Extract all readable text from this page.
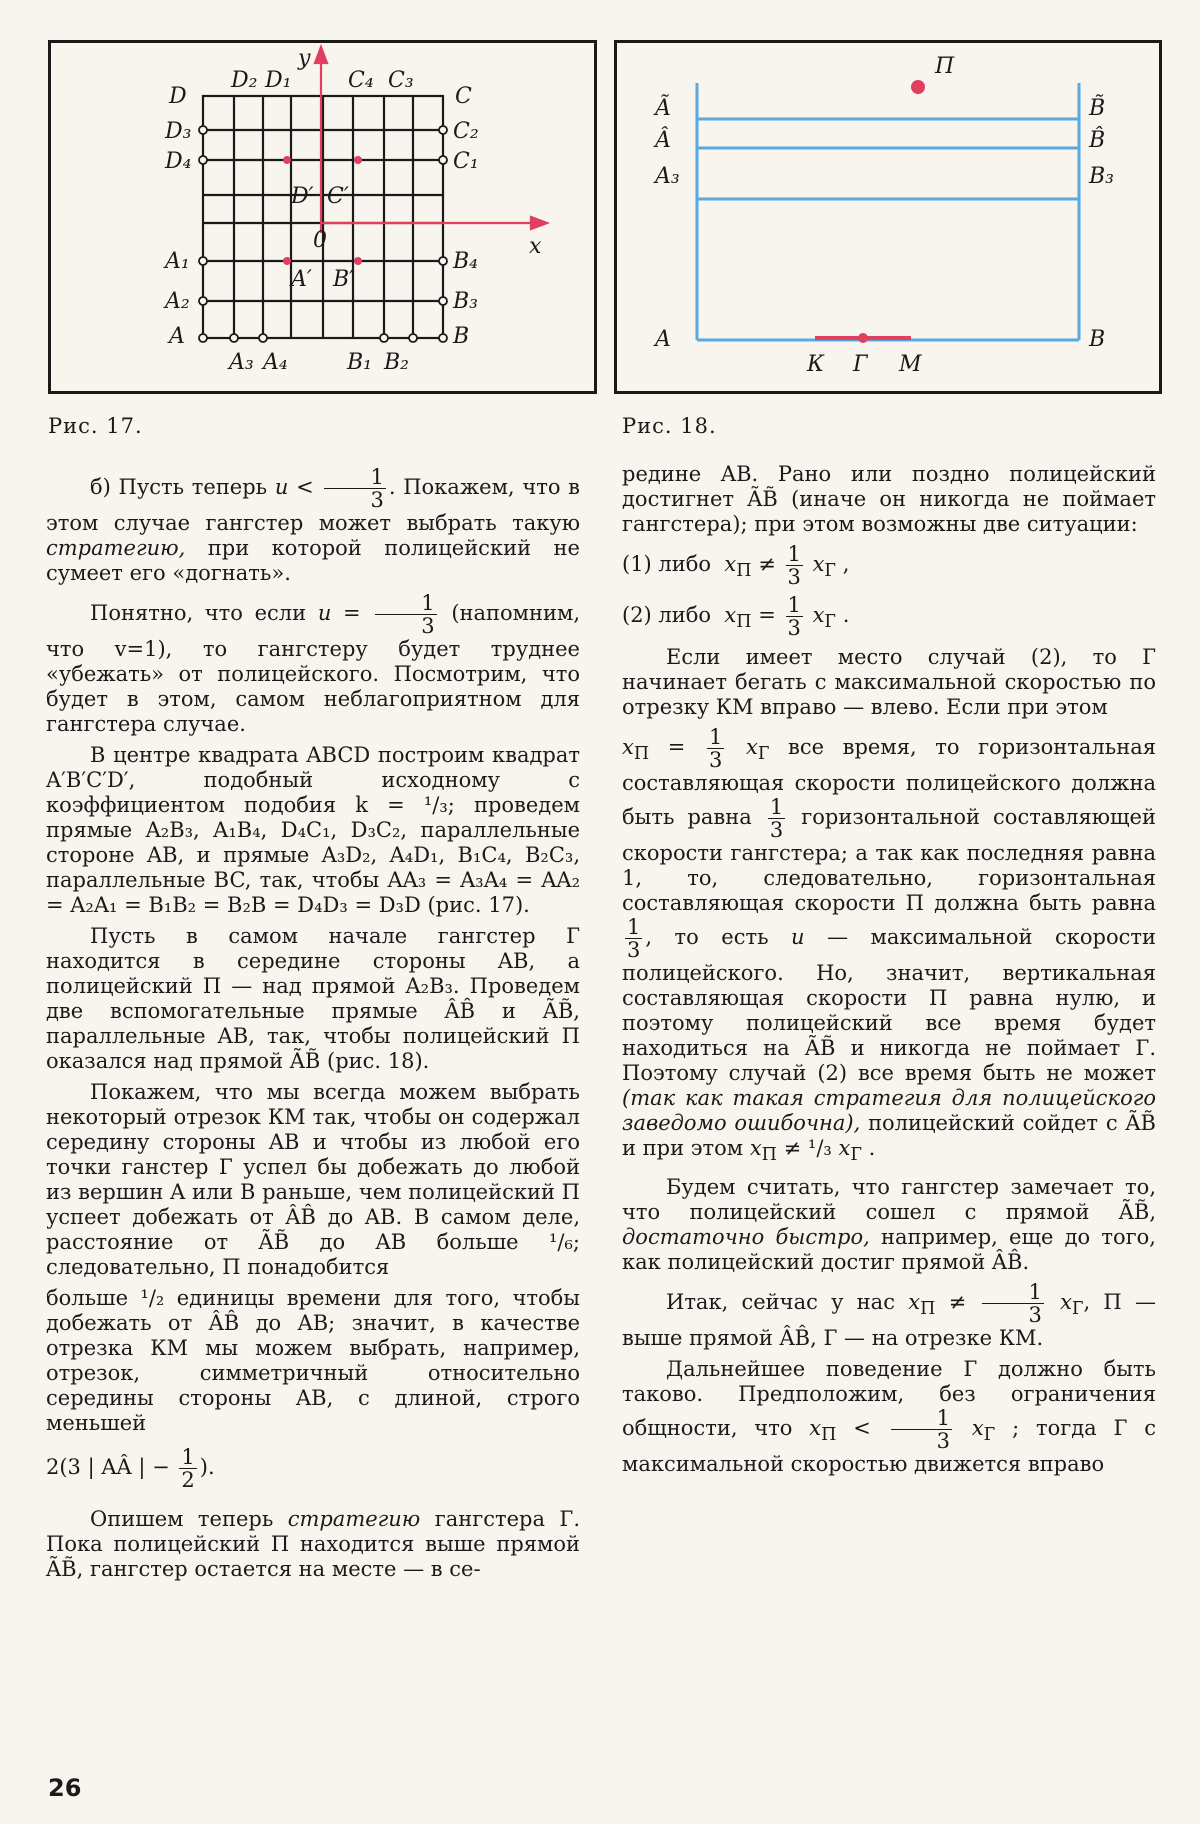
y
x
0
D	C
A	B
D₂ D₁	C₄ C₃
D₃
D₄
C₂
C₁
A₁
A₂
B₄
B₃
A₃ A₄	B₁ B₂
D′ C′
A′ B′
Рис. 17.
Ã
Â
A₃
A
B̃
B̂
B₃
B
П
К Г М
Рис. 18.

б) Пусть теперь $u < \frac{1}{3}$ . Покажем, что в этом случае гангстер может выбрать такую стратегию, при которой полицейский не сумеет его «догнать».

Понятно, что если $u = \frac{1}{3}$ (напомним, что v=1), то гангстеру будет труднее «убежать» от полицейского. Посмотрим, что будет в этом, самом неблагоприятном для гангстера случае.

В центре квадрата ABCD построим квадрат A′B′C′D′, подобный исходному с коэффициентом подобия k = ¹/₃; проведем прямые A₂B₃, A₁B₄, D₄C₁, D₃C₂, параллельные стороне AB, и прямые A₃D₂, A₄D₁, B₁C₄, B₂C₃, параллельные BC, так, чтобы AA₃ = A₃A₄ = AA₂ = A₂A₁ = B₁B₂ = B₂B = D₄D₃ = D₃D (рис. 17).

Пусть в самом начале гангстер Г находится в середине стороны AB, а полицейский П — над прямой A₂B₃. Проведем две вспомогательные прямые ÂB̂ и ÃB̃, параллельные AB, так, чтобы полицейский П оказался над прямой ÃB̃ (рис. 18).

Покажем, что мы всегда можем выбрать некоторый отрезок КМ так, чтобы он содержал середину стороны AB и чтобы из любой его точки ганстер Г успел бы добежать до любой из вершин A или B раньше, чем полицейский П успеет добежать от ÂB̂ до AB. В самом деле, расстояние от ÃB̃ до AB больше ¹/₆; следовательно, П понадобится

больше ¹/₂ единицы времени для того, чтобы добежать от ÂB̂ до AB; значит, в качестве отрезка КМ мы можем выбрать, например, отрезок, симметричный относительно середины стороны AB, с длиной, строго меньшей

2(3 | AÂ | − $\frac{1}{2}$ ).

Опишем теперь стратегию гангстера Г. Пока полицейский П находится выше прямой ÃB̃, гангстер остается на месте — в се-

редине AB. Рано или поздно полицейский достигнет ÃB̃ (иначе он никогда не поймает гангстера); при этом возможны две ситуации:

(1) либо $x_П \ne \frac{1}{3} x_Г$ ,

(2) либо $x_П = \frac{1}{3} x_Г$ .

Если имеет место случай (2), то Г начинает бегать с максимальной скоростью по отрезку КМ вправо — влево. Если при этом

$x_П = \frac{1}{3} x_Г$ все время, то горизонтальная составляющая скорости полицейского должна быть равна $\frac{1}{3}$ горизонтальной составляющей скорости гангстера; а так как последняя равна 1, то, следовательно, горизонтальная составляющая скорости П должна быть равна
$\frac{1}{3}$ , то есть u — максимальной скорости полицейского. Но, значит, вертикальная составляющая скорости П равна нулю, и поэтому полицейский все время будет находиться на ÃB̃ и никогда не поймает Г. Поэтому случай (2) все время быть не может (так как такая стратегия для полицейского заведомо ошибочна), полицейский сойдет с ÃB̃ и при этом $x_П \ne ^1/_3$ $x_Г$ .

Будем считать, что гангстер замечает то, что полицейский сошел с прямой ÃB̃, достаточно быстро, например, еще до того, как полицейский достиг прямой ÂB̂.

Итак, сейчас у нас $x_П \ne \frac{1}{3} x_Г$, П — выше прямой ÂB̂, Г — на отрезке КМ.

Дальнейшее поведение Г должно быть таково. Предположим, без ограничения общности, что $x_П < \frac{1}{3} x_Г$ ; тогда Г с максимальной скоростью движется вправо

26
